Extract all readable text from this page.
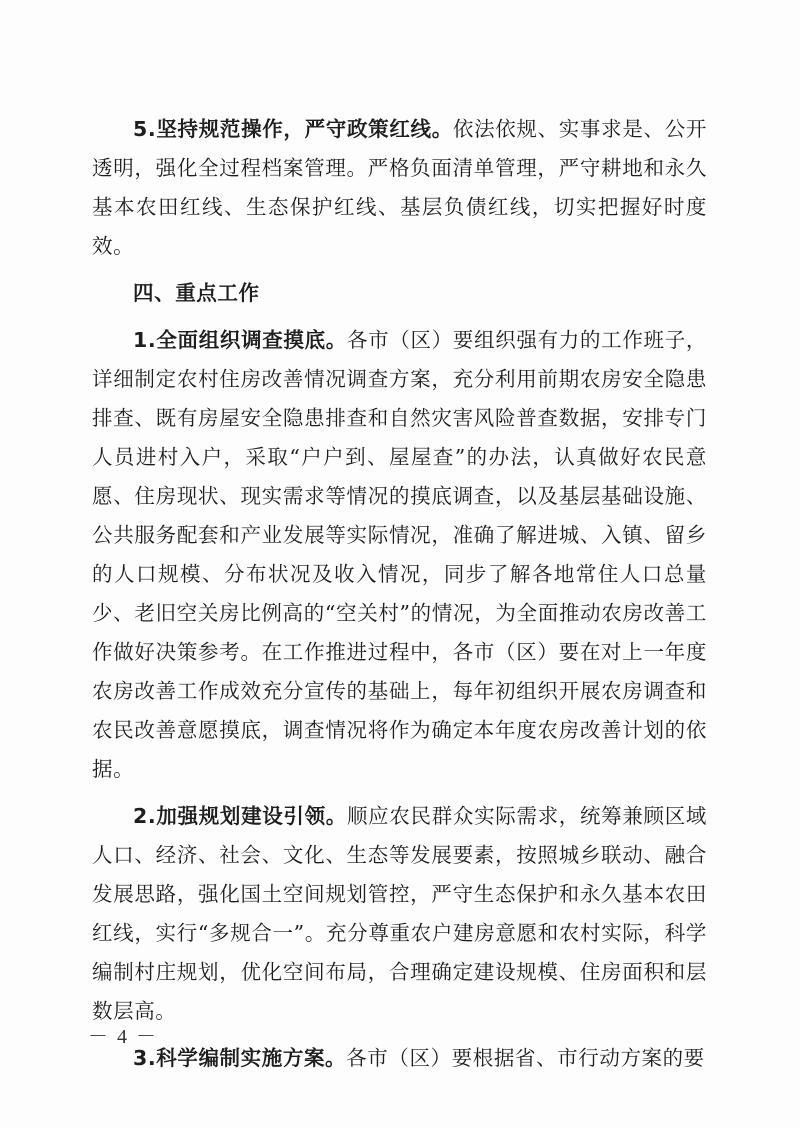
5.坚持规范操作，严守政策红线。依法依规、实事求是、公开透明，强化全过程档案管理。严格负面清单管理，严守耕地和永久基本农田红线、生态保护红线、基层负债红线，切实把握好时度效。

四、重点工作

1.全面组织调查摸底。各市（区）要组织强有力的工作班子，详细制定农村住房改善情况调查方案，充分利用前期农房安全隐患排查、既有房屋安全隐患排查和自然灾害风险普查数据，安排专门人员进村入户，采取“户户到、屋屋查”的办法，认真做好农民意愿、住房现状、现实需求等情况的摸底调查，以及基层基础设施、公共服务配套和产业发展等实际情况，准确了解进城、入镇、留乡的人口规模、分布状况及收入情况，同步了解各地常住人口总量少、老旧空关房比例高的“空关村”的情况，为全面推动农房改善工作做好决策参考。在工作推进过程中，各市（区）要在对上一年度农房改善工作成效充分宣传的基础上，每年初组织开展农房调查和农民改善意愿摸底，调查情况将作为确定本年度农房改善计划的依据。

2.加强规划建设引领。顺应农民群众实际需求，统筹兼顾区域人口、经济、社会、文化、生态等发展要素，按照城乡联动、融合发展思路，强化国土空间规划管控，严守生态保护和永久基本农田红线，实行“多规合一”。充分尊重农户建房意愿和农村实际，科学编制村庄规划，优化空间布局，合理确定建设规模、住房面积和层数层高。

3.科学编制实施方案。各市（区）要根据省、市行动方案的要

－ 4 －
